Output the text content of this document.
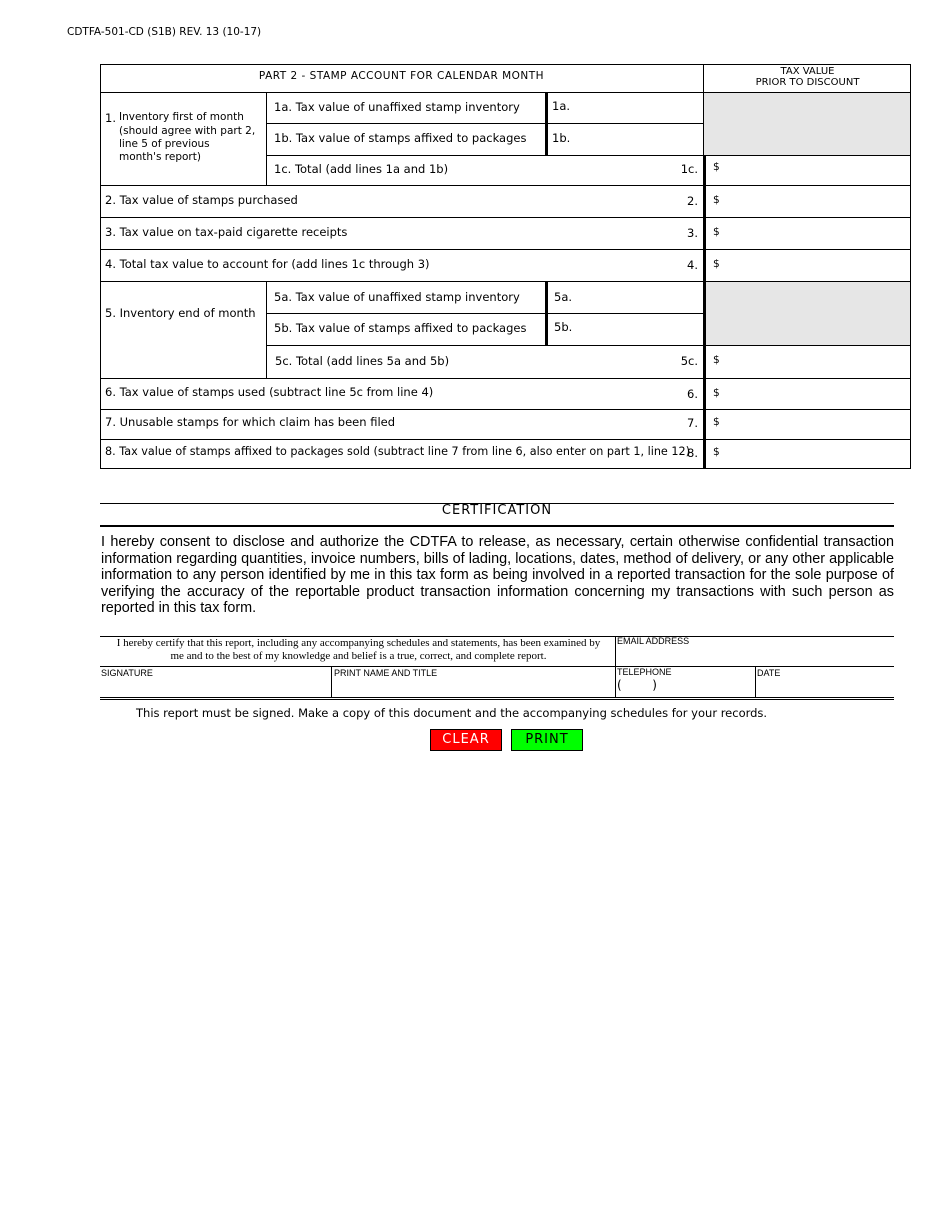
CDTFA-501-CD (S1B) REV. 13 (10-17)
PART 2 - STAMP ACCOUNT FOR CALENDAR MONTH	TAX VALUE
PRIOR TO DISCOUNT
1. Inventory first of month
(should agree with part 2,
line 5 of previous
month's report)
1a. Tax value of unaffixed stamp inventory	1a.
1b. Tax value of stamps affixed to packages 1b.
1c. Total (add lines 1a and 1b)	1c. $
2. Tax value of stamps purchased	2. $
3. Tax value on tax-paid cigarette receipts	3. $
4. Total tax value to account for (add lines 1c through 3)	4. $
5. Inventory end of month
5a. Tax value of unaffixed stamp inventory	5a.
5b. Tax value of stamps affixed to packages 5b.
5c. Total (add lines 5a and 5b)	5c. $
6. Tax value of stamps used (subtract line 5c from line 4)	6. $
7. Unusable stamps for which claim has been filed	7. $
8. Tax value of stamps affixed to packages sold (subtract line 7 from line 6, also enter on part 1, line 12)
8. $
CERTIFICATION
I hereby consent to disclose and authorize the CDTFA to release, as necessary, certain otherwise confidential transaction information regarding quantities, invoice numbers, bills of lading, locations, dates, method of delivery, or any other applicable information to any person identified by me in this tax form as being involved in a reported transaction for the sole purpose of verifying the accuracy of the reportable product transaction information concerning my transactions with such person as reported in this tax form.
I hereby certify that this report, including any accompanying schedules and statements, has been examined by me and to the best of my knowledge and belief is a true, correct, and complete report.
EMAIL ADDRESS
SIGNATURE	PRINT NAME AND TITLE	TELEPHONE
(        )
DATE
This report must be signed. Make a copy of this document and the accompanying schedules for your records.
CLEAR	PRINT
